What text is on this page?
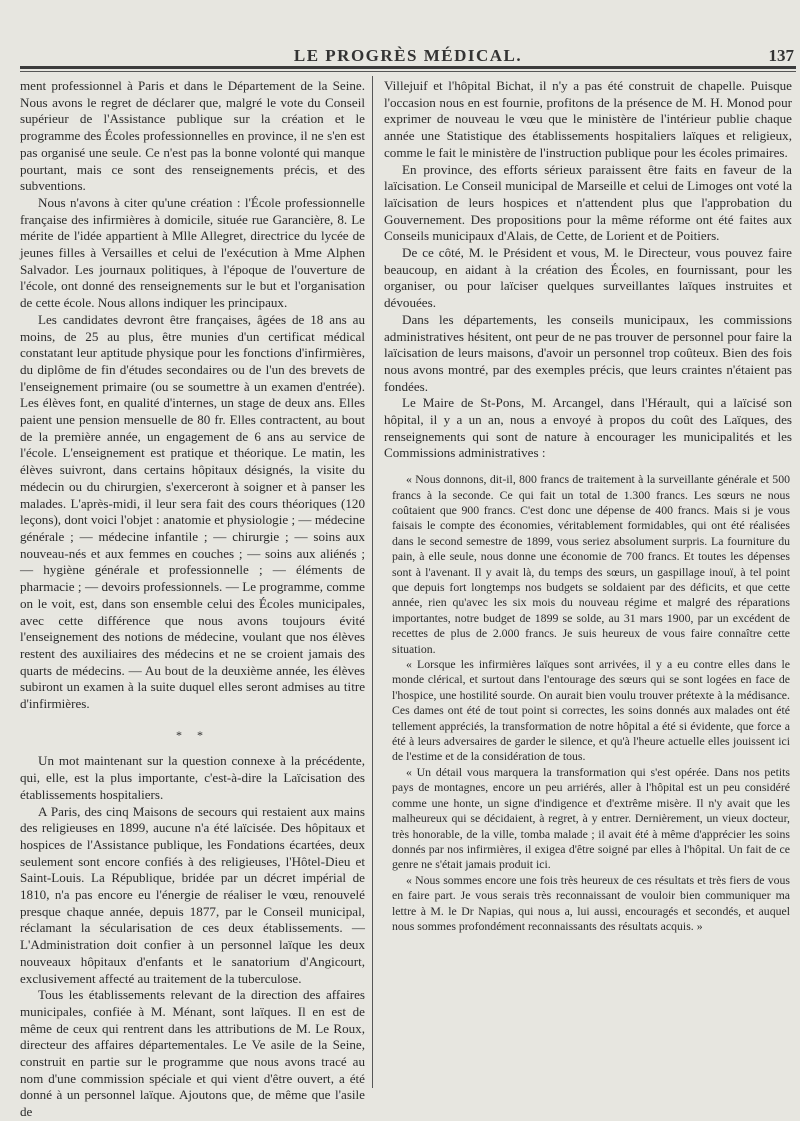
LE PROGRÈS MÉDICAL.	137

ment professionnel à Paris et dans le Département de la Seine. Nous avons le regret de déclarer que, malgré le vote du Conseil supérieur de l'Assistance publique sur la création et le programme des Écoles professionnelles en province, il ne s'en est pas organisé une seule. Ce n'est pas la bonne volonté qui manque pourtant, mais ce sont des renseignements précis, et des subventions.

Nous n'avons à citer qu'une création : l'École professionnelle française des infirmières à domicile, située rue Garancière, 8. Le mérite de l'idée appartient à Mlle Allegret, directrice du lycée de jeunes filles à Versailles et celui de l'exécution à Mme Alphen Salvador. Les journaux politiques, à l'époque de l'ouverture de l'école, ont donné des renseignements sur le but et l'organisation de cette école. Nous allons indiquer les principaux.

Les candidates devront être françaises, âgées de 18 ans au moins, de 25 au plus, être munies d'un certificat médical constatant leur aptitude physique pour les fonctions d'infirmières, du diplôme de fin d'études secondaires ou de l'un des brevets de l'enseignement primaire (ou se soumettre à un examen d'entrée). Les élèves font, en qualité d'internes, un stage de deux ans. Elles paient une pension mensuelle de 80 fr. Elles contractent, au bout de la première année, un engagement de 6 ans au service de l'école. L'enseignement est pratique et théorique. Le matin, les élèves suivront, dans certains hôpitaux désignés, la visite du médecin ou du chirurgien, s'exerceront à soigner et à panser les malades. L'après-midi, il leur sera fait des cours théoriques (120 leçons), dont voici l'objet : anatomie et physiologie ; — médecine générale ; — médecine infantile ; — chirurgie ; — soins aux nouveau-nés et aux femmes en couches ; — soins aux aliénés ; — hygiène générale et professionnelle ; — éléments de pharmacie ; — devoirs professionnels. — Le programme, comme on le voit, est, dans son ensemble celui des Écoles municipales, avec cette différence que nous avons toujours évité l'enseignement des notions de médecine, voulant que nos élèves restent des auxiliaires des médecins et ne se croient jamais des quarts de médecins. — Au bout de la deuxième année, les élèves subiront un examen à la suite duquel elles seront admises au titre d'infirmières.

* *

Un mot maintenant sur la question connexe à la précédente, qui, elle, est la plus importante, c'est-à-dire la Laïcisation des établissements hospitaliers.

A Paris, des cinq Maisons de secours qui restaient aux mains des religieuses en 1899, aucune n'a été laïcisée. Des hôpitaux et hospices de l'Assistance publique, les Fondations écartées, deux seulement sont encore confiés à des religieuses, l'Hôtel-Dieu et Saint-Louis. La République, bridée par un décret impérial de 1810, n'a pas encore eu l'énergie de réaliser le vœu, renouvelé presque chaque année, depuis 1877, par le Conseil municipal, réclamant la sécularisation de ces deux établissements. — L'Administration doit confier à un personnel laïque les deux nouveaux hôpitaux d'enfants et le sanatorium d'Angicourt, exclusivement affecté au traitement de la tuberculose.

Tous les établissements relevant de la direction des affaires municipales, confiée à M. Ménant, sont laïques. Il en est de même de ceux qui rentrent dans les attributions de M. Le Roux, directeur des affaires départementales. Le Ve asile de la Seine, construit en partie sur le programme que nous avons tracé au nom d'une commission spéciale et qui vient d'être ouvert, a été donné à un personnel laïque. Ajoutons que, de même que l'asile de

Villejuif et l'hôpital Bichat, il n'y a pas été construit de chapelle. Puisque l'occasion nous en est fournie, profitons de la présence de M. H. Monod pour exprimer de nouveau le vœu que le ministère de l'intérieur publie chaque année une Statistique des établissements hospitaliers laïques et religieux, comme le fait le ministère de l'instruction publique pour les écoles primaires.

En province, des efforts sérieux paraissent être faits en faveur de la laïcisation. Le Conseil municipal de Marseille et celui de Limoges ont voté la laïcisation de leurs hospices et n'attendent plus que l'approbation du Gouvernement. Des propositions pour la même réforme ont été faites aux Conseils municipaux d'Alais, de Cette, de Lorient et de Poitiers.

De ce côté, M. le Président et vous, M. le Directeur, vous pouvez faire beaucoup, en aidant à la création des Écoles, en fournissant, pour les organiser, ou pour laïciser quelques surveillantes laïques instruites et dévouées.

Dans les départements, les conseils municipaux, les commissions administratives hésitent, ont peur de ne pas trouver de personnel pour faire la laïcisation de leurs maisons, d'avoir un personnel trop coûteux. Bien des fois nous avons montré, par des exemples précis, que leurs craintes n'étaient pas fondées.

Le Maire de St-Pons, M. Arcangel, dans l'Hérault, qui a laïcisé son hôpital, il y a un an, nous a envoyé à propos du coût des Laïques, des renseignements qui sont de nature à encourager les municipalités et les Commissions administratives :

« Nous donnons, dit-il, 800 francs de traitement à la surveillante générale et 500 francs à la seconde. Ce qui fait un total de 1.300 francs. Les sœurs ne nous coûtaient que 900 francs. C'est donc une dépense de 400 francs. Mais si je vous faisais le compte des économies, véritablement formidables, qui ont été réalisées dans le second semestre de 1899, vous seriez absolument surpris. La fourniture du pain, à elle seule, nous donne une économie de 700 francs. Et toutes les dépenses sont à l'avenant. Il y avait là, du temps des sœurs, un gaspillage inouï, à tel point que depuis fort longtemps nos budgets se soldaient par des déficits, et que cette année, rien qu'avec les six mois du nouveau régime et malgré des réparations importantes, notre budget de 1899 se solde, au 31 mars 1900, par un excédent de recettes de plus de 2.000 francs. Je suis heureux de vous faire connaître cette situation.

« Lorsque les infirmières laïques sont arrivées, il y a eu contre elles dans le monde clérical, et surtout dans l'entourage des sœurs qui se sont logées en face de l'hospice, une hostilité sourde. On aurait bien voulu trouver prétexte à la médisance. Ces dames ont été de tout point si correctes, les soins donnés aux malades ont été tellement appréciés, la transformation de notre hôpital a été si évidente, que force a été à leurs adversaires de garder le silence, et qu'à l'heure actuelle elles jouissent ici de l'estime et de la considération de tous.

« Un détail vous marquera la transformation qui s'est opérée. Dans nos petits pays de montagnes, encore un peu arriérés, aller à l'hôpital est un peu considéré comme une honte, un signe d'indigence et d'extrême misère. Il n'y avait que les malheureux qui se décidaient, à regret, à y entrer. Dernièrement, un vieux docteur, très honorable, de la ville, tomba malade ; il avait été à même d'apprécier les soins donnés par nos infirmières, il exigea d'être soigné par elles à l'hôpital. Un fait de ce genre ne s'était jamais produit ici.

« Nous sommes encore une fois très heureux de ces résultats et très fiers de vous en faire part. Je vous serais très reconnaissant de vouloir bien communiquer ma lettre à M. le Dr Napias, qui nous a, lui aussi, encouragés et secondés, et auquel nous sommes profondément reconnaissants des résultats acquis. »
